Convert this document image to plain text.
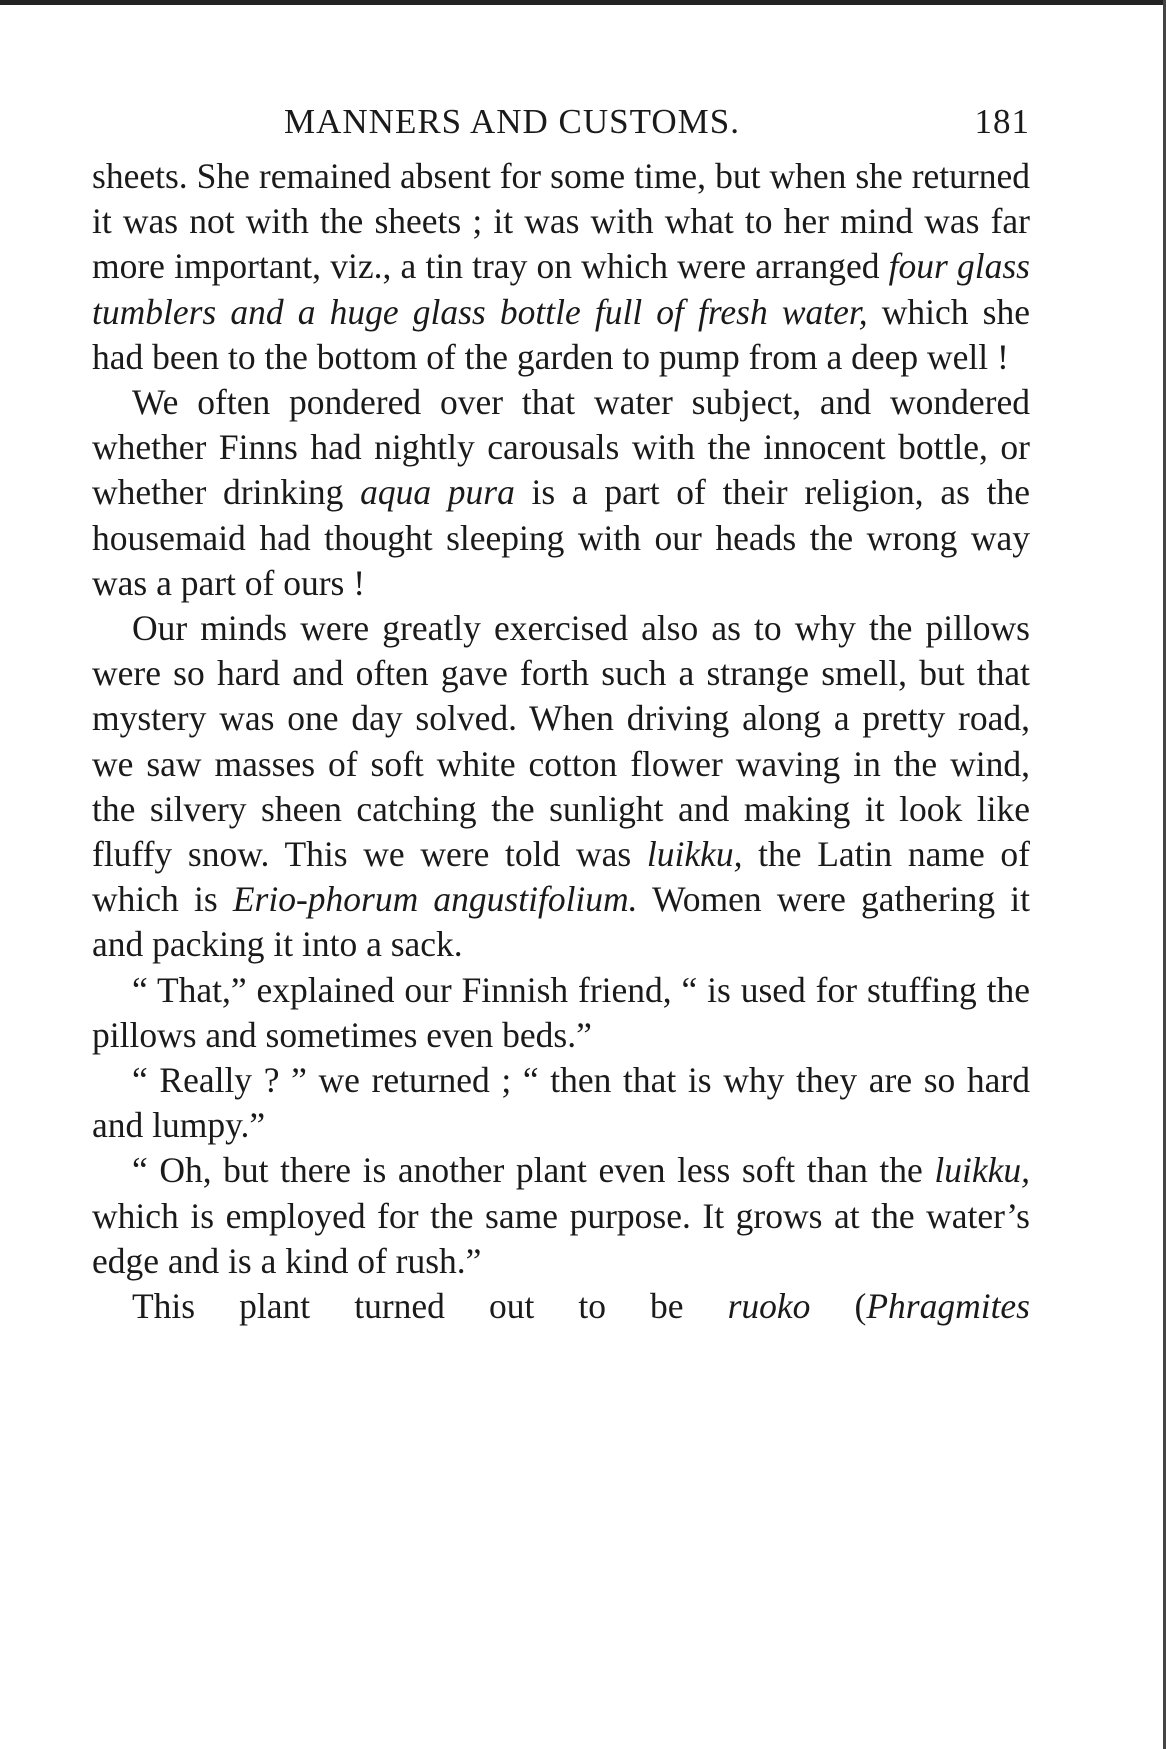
MANNERS AND CUSTOMS.	181

sheets. She remained absent for some time, but when she returned it was not with the sheets ; it was with what to her mind was far more important, viz., a tin tray on which were arranged four glass tumblers and a huge glass bottle full of fresh water, which she had been to the bottom of the garden to pump from a deep well !

We often pondered over that water subject, and wondered whether Finns had nightly carousals with the innocent bottle, or whether drinking aqua pura is a part of their religion, as the housemaid had thought sleeping with our heads the wrong way was a part of ours !

Our minds were greatly exercised also as to why the pillows were so hard and often gave forth such a strange smell, but that mystery was one day solved. When driving along a pretty road, we saw masses of soft white cotton flower waving in the wind, the silvery sheen catching the sunlight and making it look like fluffy snow. This we were told was luikku, the Latin name of which is Erio-phorum angustifolium. Women were gathering it and packing it into a sack.

“ That,” explained our Finnish friend, “ is used for stuffing the pillows and sometimes even beds.”

“ Really ? ” we returned ; “ then that is why they are so hard and lumpy.”

“ Oh, but there is another plant even less soft than the luikku, which is employed for the same purpose. It grows at the water’s edge and is a kind of rush.”

This plant turned out to be ruoko (Phragmites
